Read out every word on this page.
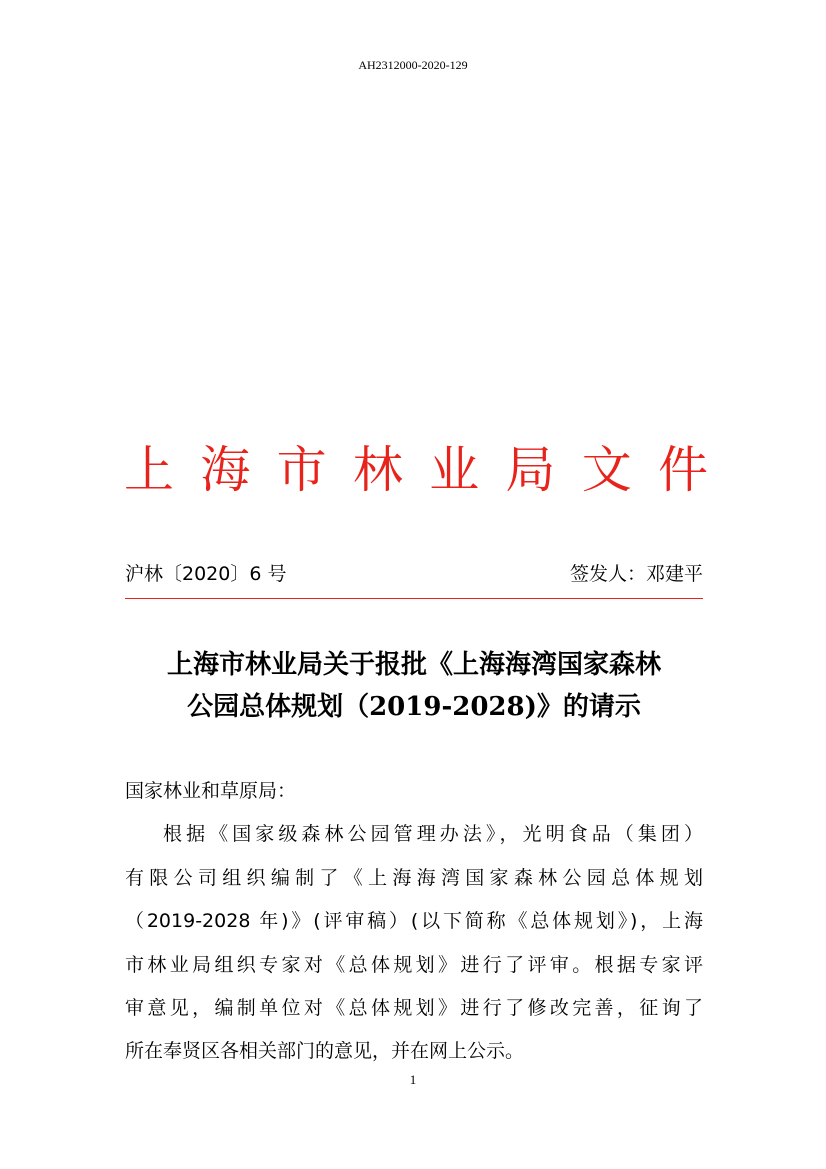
AH2312000-2020-129
上 海 市 林 业 局 文 件
沪林〔2020〕6 号	签发人：邓建平
上海市林业局关于报批《上海海湾国家森林
公园总体规划（2019-2028)》的请示

国家林业和草原局：

根据《国家级森林公园管理办法》，光明食品（集团）
有限公司组织编制了《上海海湾国家森林公园总体规划
（2019-2028 年)》(评审稿）(以下简称《总体规划》)，上海
市林业局组织专家对《总体规划》进行了评审。根据专家评
审意见，编制单位对《总体规划》进行了修改完善，征询了
所在奉贤区各相关部门的意见，并在网上公示。

1
